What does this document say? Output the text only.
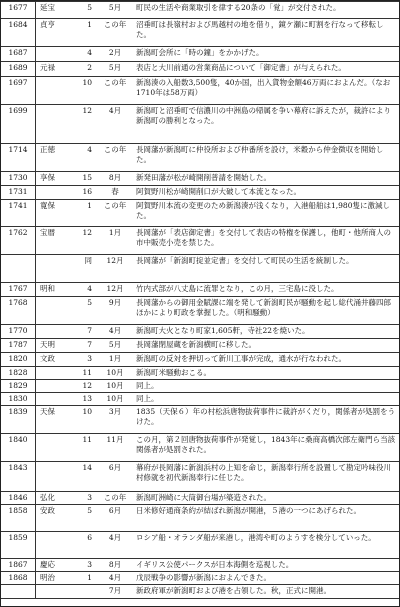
1677	延宝	5	5月	町民の生活や商業取引を律する20条の「覚」が交付された。
1684	貞亨	1	この年	沼垂町は長嶺村および馬越村の地を借り，鏡ケ瀬に町割を行なって移転した。
1687		4	2月	新潟町会所に「時の鐘」をかかげた。
1689	元禄	2	5月	表店と大川前通の営業商品について「御定書」が与えられた。
1697		10	この年	新潟湊の入船数3,500隻，40か国，出入貨物金額46万両におよんだ。（なお1710年は58万両）
1699		12	4月	新潟町と沼垂町で信濃川の中洲島の帰属を争い幕府に訴えたが，裁許により新潟町の勝利となった。
1714	正徳	4	この年	長岡藩が新潟町に仲役所および仲番所を設け，米穀から仲金徴収を開始した。
1730	享保	15	8月	新発田藩が松が崎開削普請を開始した。
1731		16	春	阿賀野川松が崎開削口が大破して本流となった。
1741	寛保	1	この年	阿賀野川本流の変更のため新潟湊が浅くなり，入港船舶は1,980隻に激減した。
1762	宝暦	12	1月	長岡藩が「表店御定書」を交付して表店の特権を保護し，他町・他所商人の市中販売小売を禁じた。
		同	12月	長岡藩が「新潟町掟並定書」を交付して町民の生活を統制した。
1767	明和	4	12月	竹内式部が八丈島に流罪となり，この月，三宅島に没した。
1768		5	9月	長岡藩からの御用金賦課に端を発して新潟町民が騒動を起し総代涌井藤四郎ほかにより町政を掌握した。（明和騒動）
1770		7	4月	新潟町大火となり町家1,605軒，寺社22を焼いた。
1787	天明	7	5月	長岡藩閉屋蔵を新潟横町に移した。
1820	文政	3	1月	新潟町の反対を押切って新川工事が完成，通水が行なわれた。
1828		11	10月	新潟町米騒動おこる。
1829		12	10月	同上。
1830		13	10月	同上。
1839	天保	10	3月	1835（天保６）年の村松浜唐物抜荷事件に裁許がくだり，関係者が処罰をうけた。
1840		11	11月	この月，第２回唐物抜荷事件が発覚し，1843年に桑商高橋次郎左衛門ら当該関係者が処罰された。
1843		14	6月	幕府が長岡藩に新潟浜村の上知を命じ，新潟奉行所を設置して勘定吟味役川村修就を初代新潟奉行に任じた。
1846	弘化	3	この年	新潟町洲崎に大筒御台場が築造された。
1858	安政	5	6月	日米修好通商条約が結ばれ新潟が開港，５港の一つにあげられた。
1859		6	4月	ロシア船・オランダ船が来港し，港湾や町のようすを検分していった。
1867	慶応	3	8月	イギリス公使パークスが日本海側を巡視した。
1868	明治	1	4月	戊辰戦争の影響が新潟におよんできた。
			7月	新政府軍が新潟町および港を占領した。秋，正式に開港。
